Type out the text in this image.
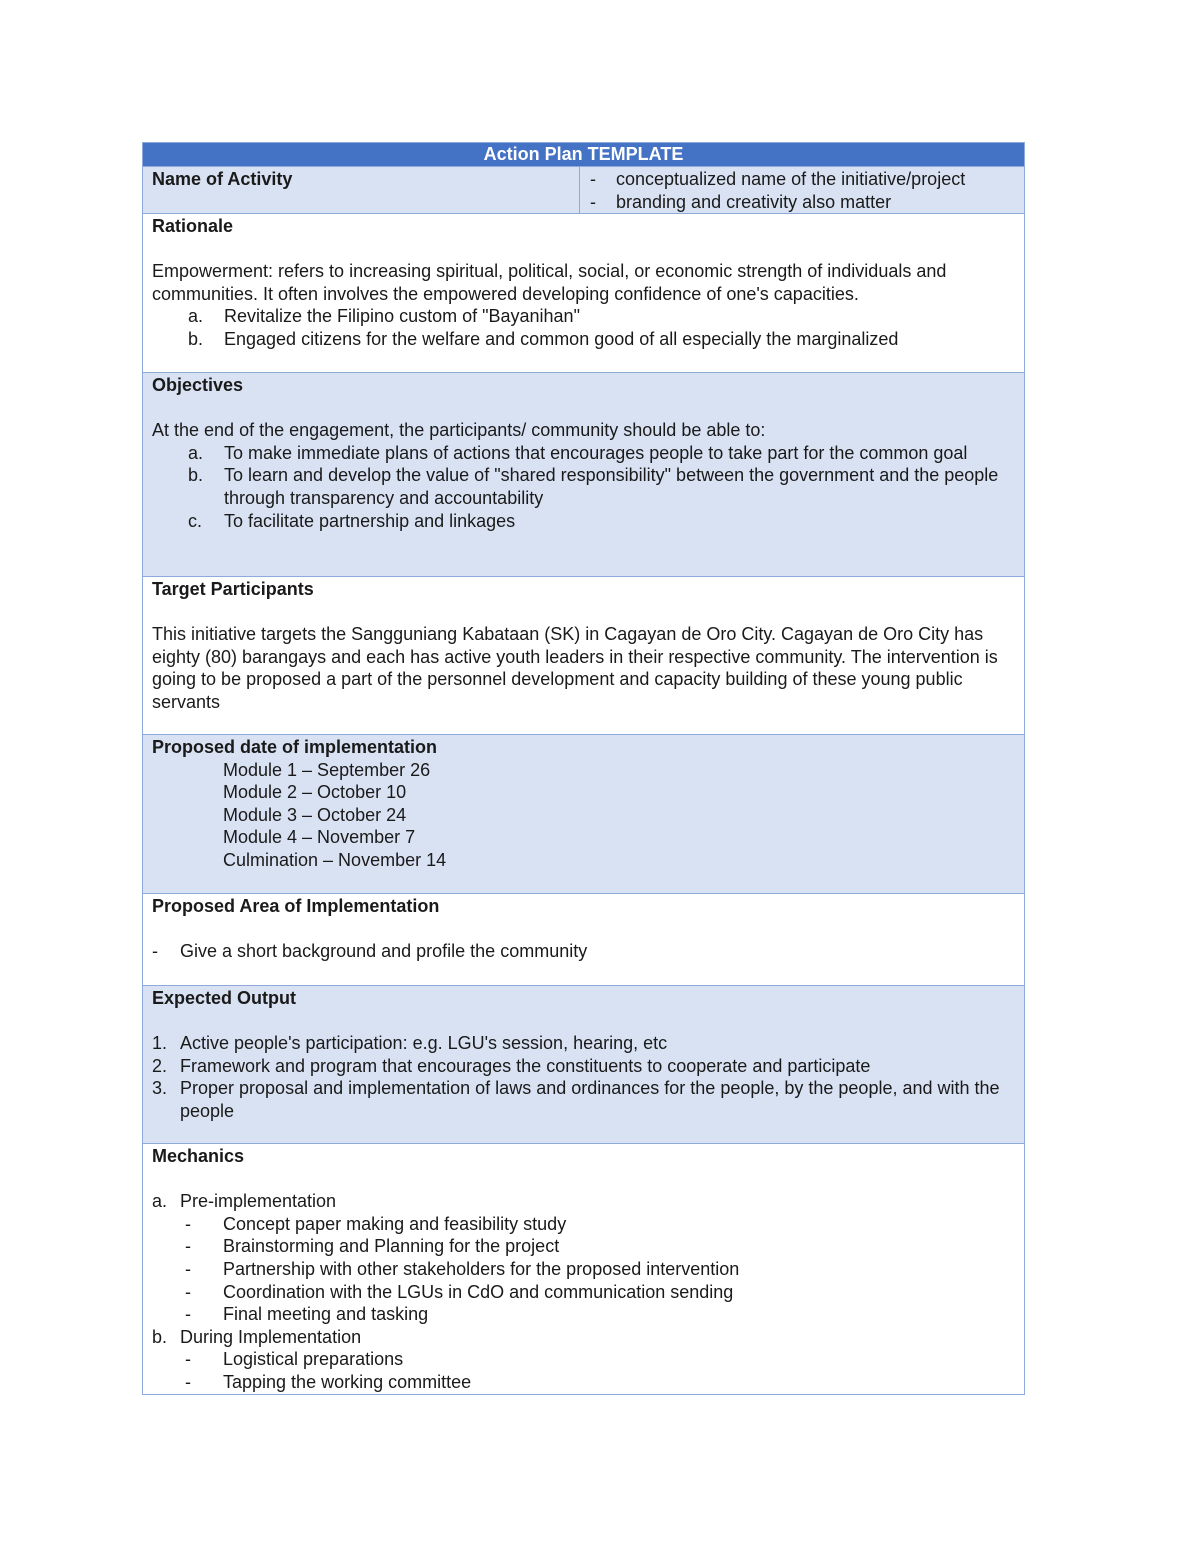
Action Plan TEMPLATE
Name of Activity	-	conceptualized name of the initiative/project
-	branding and creativity also matter
Rationale
Empowerment: refers to increasing spiritual, political, social, or economic strength of individuals and communities. It often involves the empowered developing confidence of one's capacities.
a.	Revitalize the Filipino custom of "Bayanihan"
b.	Engaged citizens for the welfare and common good of all especially the marginalized
Objectives
At the end of the engagement, the participants/ community should be able to:
a.	To make immediate plans of actions that encourages people to take part for the common goal
b.	To learn and develop the value of "shared responsibility" between the government and the people through transparency and accountability
c.	To facilitate partnership and linkages
Target Participants
This initiative targets the Sangguniang Kabataan (SK) in Cagayan de Oro City. Cagayan de Oro City has eighty (80) barangays and each has active youth leaders in their respective community. The intervention is going to be proposed a part of the personnel development and capacity building of these young public servants
Proposed date of implementation
Module 1 – September 26
Module 2 – October 10
Module 3 – October 24
Module 4 – November 7
Culmination – November 14
Proposed Area of Implementation
-	Give a short background and profile the community
Expected Output
1. Active people's participation: e.g. LGU's session, hearing, etc
2. Framework and program that encourages the constituents to cooperate and participate
3. Proper proposal and implementation of laws and ordinances for the people, by the people, and with the people
Mechanics
a. Pre-implementation
-	Concept paper making and feasibility study
-	Brainstorming and Planning for the project
-	Partnership with other stakeholders for the proposed intervention
-	Coordination with the LGUs in CdO and communication sending
-	Final meeting and tasking
b. During Implementation
-	Logistical preparations
-	Tapping the working committee
